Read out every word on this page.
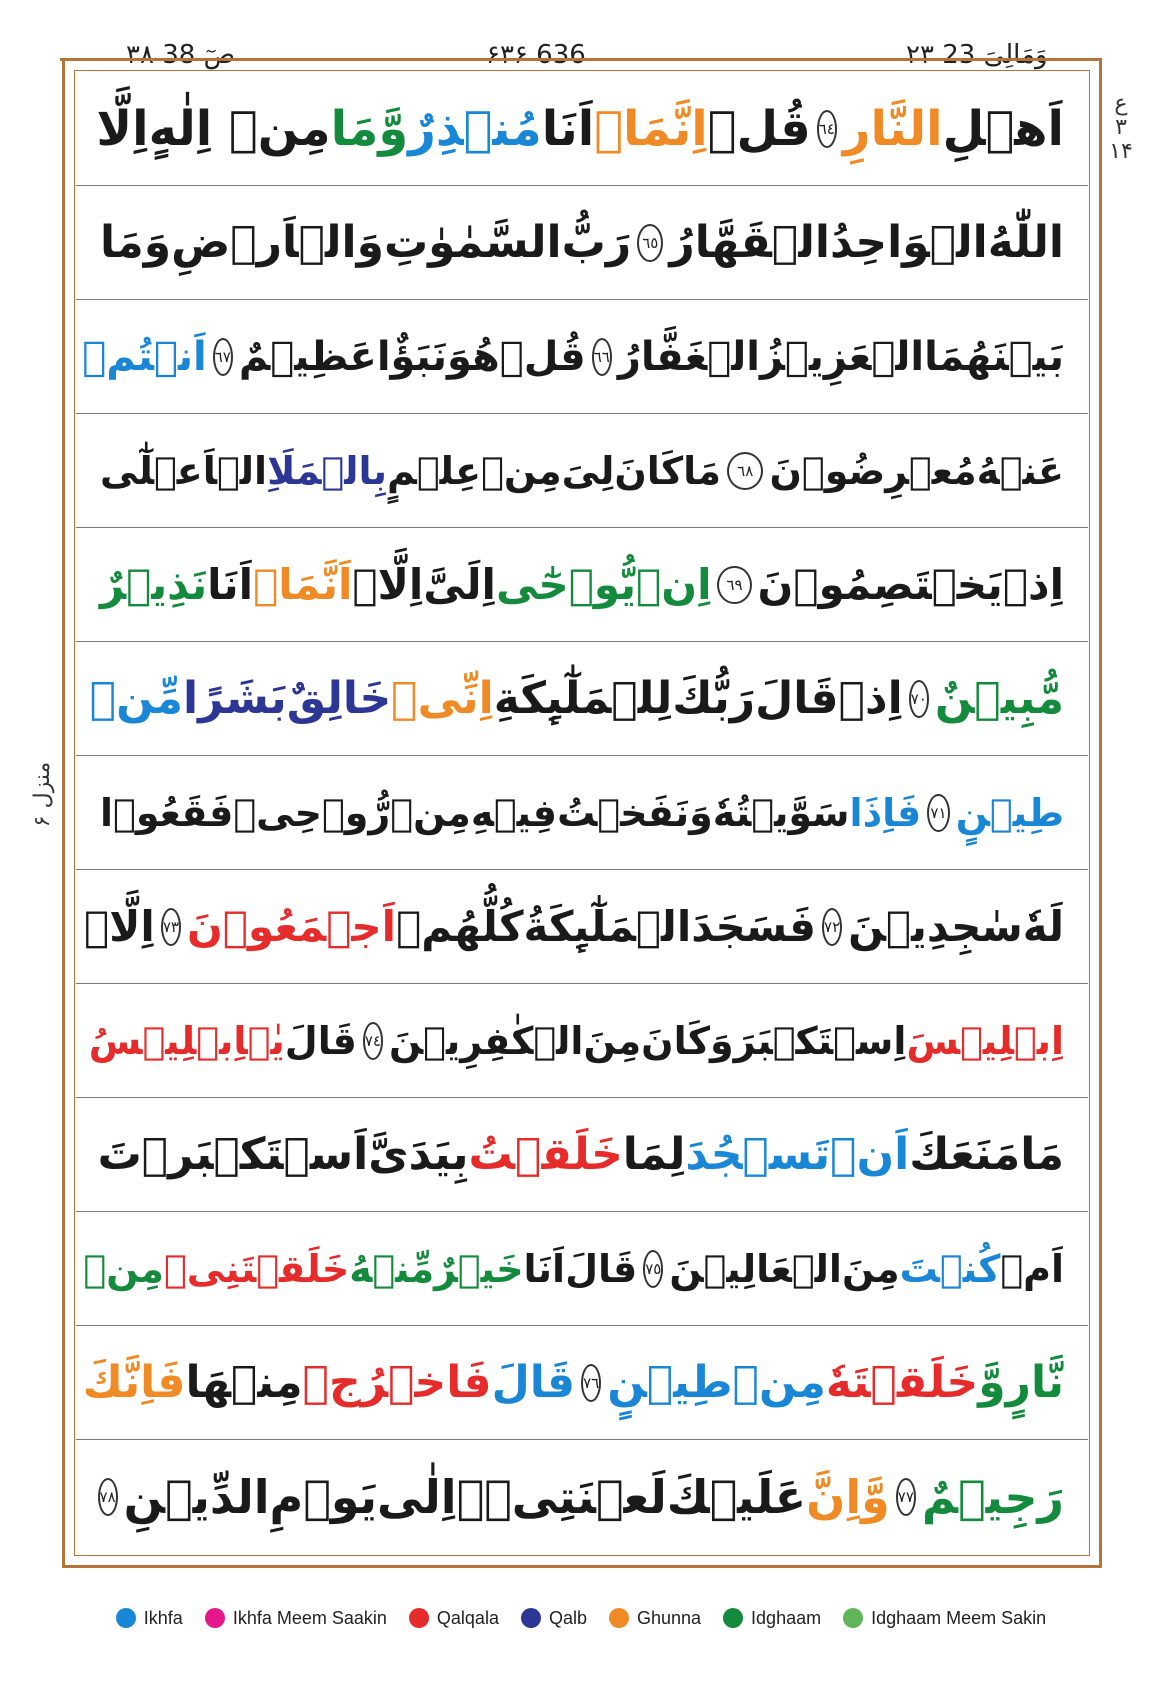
۳۸ صٓ 38	۶۳۶ 636	۲۳ وَمَالِیَ 23
ع ۳ ۱۴
منزل ۶
اَهۡلِ
النَّارِ
٦٤
قُلۡ
اِنَّمَاۤ
اَنَا
مُنۡذِرٌ
وَّمَا
مِنۡ اِلٰهٍ
اِلَّا
اللّٰهُ
الۡوَاحِدُ
الۡقَهَّارُ
٦٥
رَبُّ
السَّمٰوٰتِ
وَالۡاَرۡضِ
وَمَا
بَيۡنَهُمَا
الۡعَزِيۡزُ
الۡغَفَّارُ
٦٦
قُلۡ
هُوَ
نَبَؤٌا
عَظِيۡمٌ
٦٧
اَنۡتُمۡ
عَنۡهُ
مُعۡرِضُوۡنَ
٦٨
مَا
كَانَ
لِىَ
مِنۡ
عِلۡمٍ
بِالۡمَلَاِ
الۡاَعۡلٰٓى
اِذۡ
يَخۡتَصِمُوۡنَ
٦٩
اِنۡ
يُّوۡحٰٓى
اِلَىَّ
اِلَّاۤ
اَنَّمَاۤ
اَنَا
نَذِيۡرٌ
مُّبِيۡنٌ
٧٠
اِذۡ
قَالَ
رَبُّكَ
لِلۡمَلٰٓٮِٕكَةِ
اِنِّىۡ
خَالِقٌ
بَشَرًا
مِّنۡ
طِيۡنٍ
٧١
فَاِذَا
سَوَّيۡتُهٗ
وَنَفَخۡتُ
فِيۡهِ
مِنۡ
رُّوۡحِىۡ
فَقَعُوۡا
لَهٗ
سٰجِدِيۡنَ
٧٢
فَسَجَدَ
الۡمَلٰٓٮِٕكَةُ
كُلُّهُمۡ
اَجۡمَعُوۡنَ
٧٣
اِلَّاۤ
اِبۡلِيۡسَ
اِسۡتَكۡبَرَ
وَكَانَ
مِنَ
الۡكٰفِرِيۡنَ
٧٤
قَالَ
يٰۤاِبۡلِيۡسُ
مَا
مَنَعَكَ
اَنۡ
تَسۡجُدَ
لِمَا
خَلَقۡتُ
بِيَدَىَّ
اَسۡتَكۡبَرۡتَ
اَمۡ
كُنۡتَ
مِنَ
الۡعَالِيۡنَ
٧٥
قَالَ
اَنَا
خَيۡرٌ
مِّنۡهُ
خَلَقۡتَنِىۡ
مِنۡ
نَّارٍ
وَّ
خَلَقۡتَهٗ
مِنۡ
طِيۡنٍ
٧٦
قَالَ
فَاخۡرُجۡ
مِنۡهَا
فَاِنَّكَ
رَجِيۡمٌ
٧٧
وَّاِنَّ
عَلَيۡكَ
لَعۡنَتِىۡۤ
اِلٰى
يَوۡمِ
الدِّيۡنِ
٧٨
Ikhfa	Ikhfa Meem Saakin	Qalqala	Qalb	Ghunna	Idghaam	Idghaam Meem Sakin
